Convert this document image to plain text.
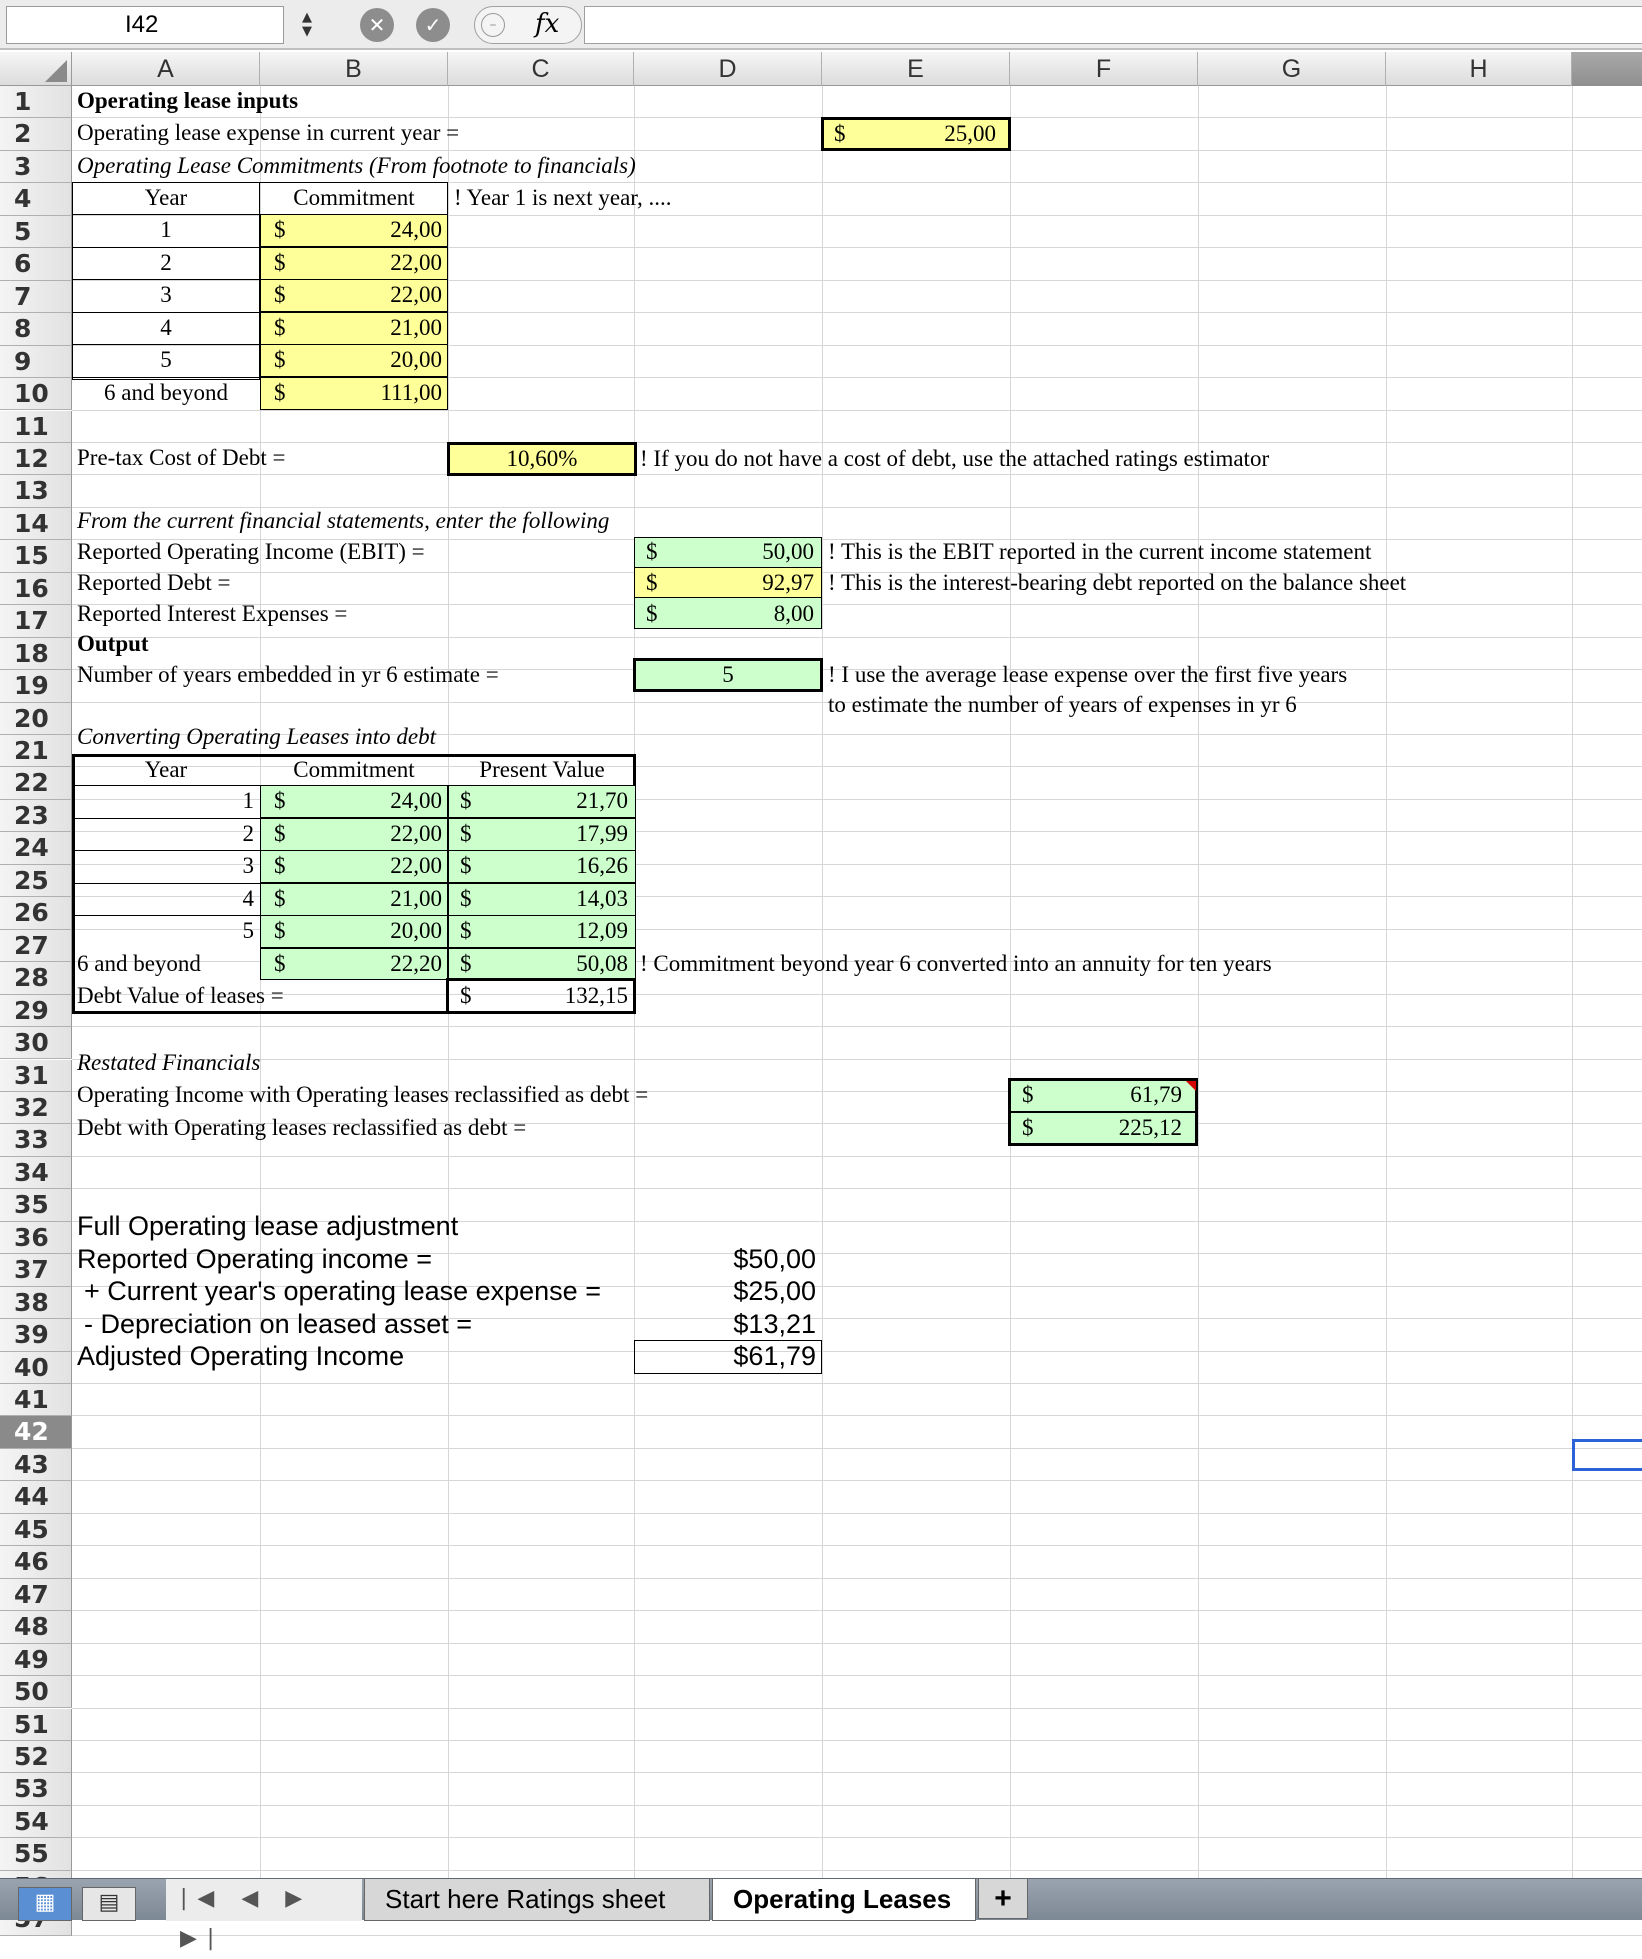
I42	▲
▼	✕	✓	–	fx
A	B	C	D	E	F	G	H
1
2
3
4
5
6
7
8
9
10
11
12
13
14
15
16
17
18
19
20
21
22
23
24
25
26
27
28
29
30
31
32
33
34
35
36
37
38
39
40
41
42
43
44
45
46
47
48
49
50
51
52
53
54
55
Operating lease inputs
Operating lease expense in current year =	$	25,00
Operating Lease Commitments (From footnote to financials)
Year	Commitment	! Year 1 is next year, ....
1	$	24,00
2	$	22,00
3	$	22,00
4	$	21,00
5	$	20,00
6 and beyond	$	111,00
Pre-tax Cost of Debt =	10,60%	! If you do not have a cost of debt, use the attached ratings estimator
From the current financial statements, enter the following
Reported Operating Income (EBIT) =	$	50,00 ! This is the EBIT reported in the current income statement
Reported Debt =	$	92,97 ! This is the interest-bearing debt reported on the balance sheet
Reported Interest Expenses =	$	8,00
Output
Number of years embedded in yr 6 estimate =	5	! I use the average lease expense over the first five years
to estimate the number of years of expenses in yr 6
Converting Operating Leases into debt
Year	Commitment	Present Value
1 $	24,00 $	21,70
2 $	22,00 $	17,99
3 $	22,00 $	16,26
4 $	21,00 $	14,03
5 $	20,00 $	12,09
6 and beyond	$	22,20 $	50,08 ! Commitment beyond year 6 converted into an annuity for ten years
Debt Value of leases =	$	132,15
Restated Financials
Operating Income with Operating leases reclassified as debt =	$	61,79
Debt with Operating leases reclassified as debt =	$	225,12
Full Operating lease adjustment
Reported Operating income =	$50,00
+ Current year's operating lease expense =	$25,00
- Depreciation on leased asset =	$13,21
Adjusted Operating Income	$61,79
▦	▤	|◀ ◀ ▶ ▶|
Start here Ratings sheet	Operating Leases	+
